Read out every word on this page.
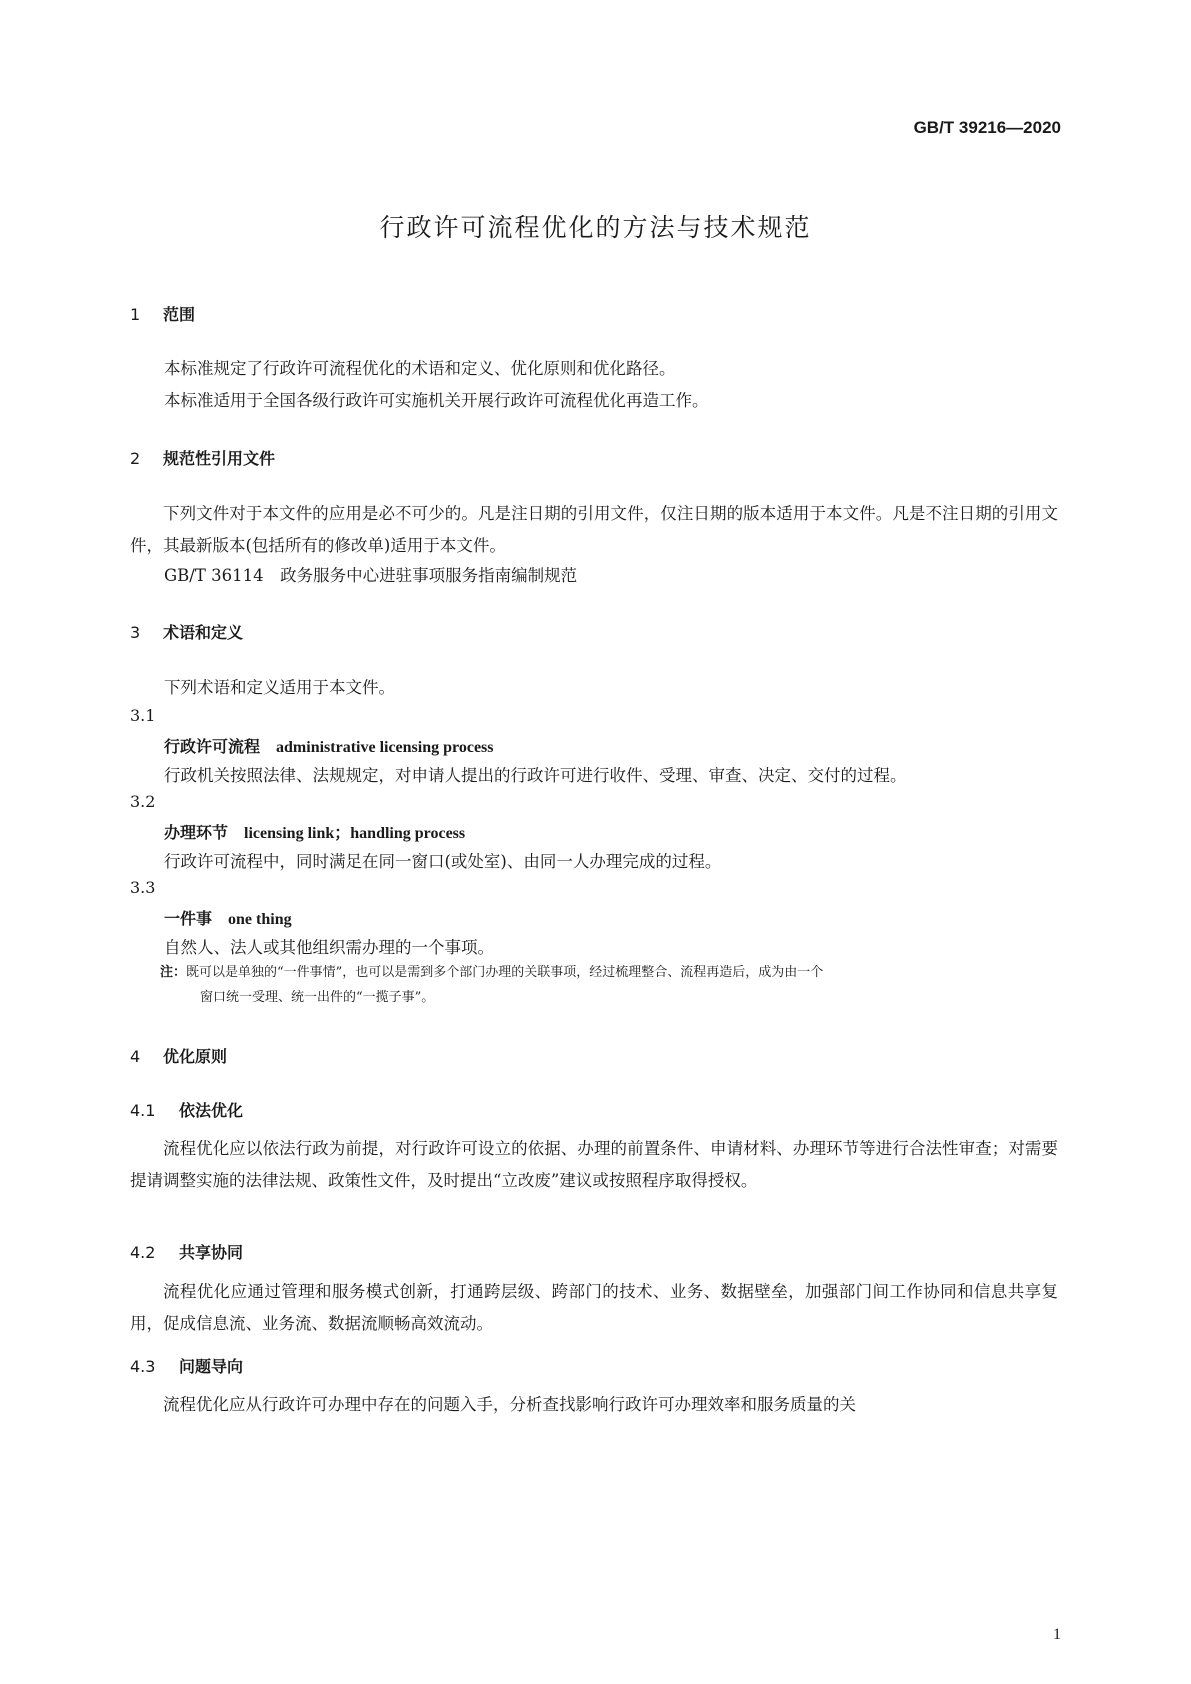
GB/T 39216—2020
行政许可流程优化的方法与技术规范
1 范围
本标准规定了行政许可流程优化的术语和定义、优化原则和优化路径。
本标准适用于全国各级行政许可实施机关开展行政许可流程优化再造工作。
2 规范性引用文件

下列文件对于本文件的应用是必不可少的。凡是注日期的引用文件，仅注日期的版本适用于本文件。凡是不注日期的引用文件，其最新版本(包括所有的修改单)适用于本文件。

GB/T 36114　政务服务中心进驻事项服务指南编制规范
3 术语和定义
下列术语和定义适用于本文件。
3.1
行政许可流程 administrative licensing process
行政机关按照法律、法规规定，对申请人提出的行政许可进行收件、受理、审查、决定、交付的过程。
3.2
办理环节 licensing link；handling process
行政许可流程中，同时满足在同一窗口(或处室)、由同一人办理完成的过程。
3.3
一件事 one thing
自然人、法人或其他组织需办理的一个事项。
注：既可以是单独的“一件事情”，也可以是需到多个部门办理的关联事项，经过梳理整合、流程再造后，成为由一个
窗口统一受理、统一出件的“一揽子事”。
4 优化原则
4.1 依法优化

流程优化应以依法行政为前提，对行政许可设立的依据、办理的前置条件、申请材料、办理环节等进行合法性审查；对需要提请调整实施的法律法规、政策性文件，及时提出“立改废”建议或按照程序取得授权。

4.2 共享协同

流程优化应通过管理和服务模式创新，打通跨层级、跨部门的技术、业务、数据壁垒，加强部门间工作协同和信息共享复用，促成信息流、业务流、数据流顺畅高效流动。

4.3 问题导向

流程优化应从行政许可办理中存在的问题入手，分析查找影响行政许可办理效率和服务质量的关

1
